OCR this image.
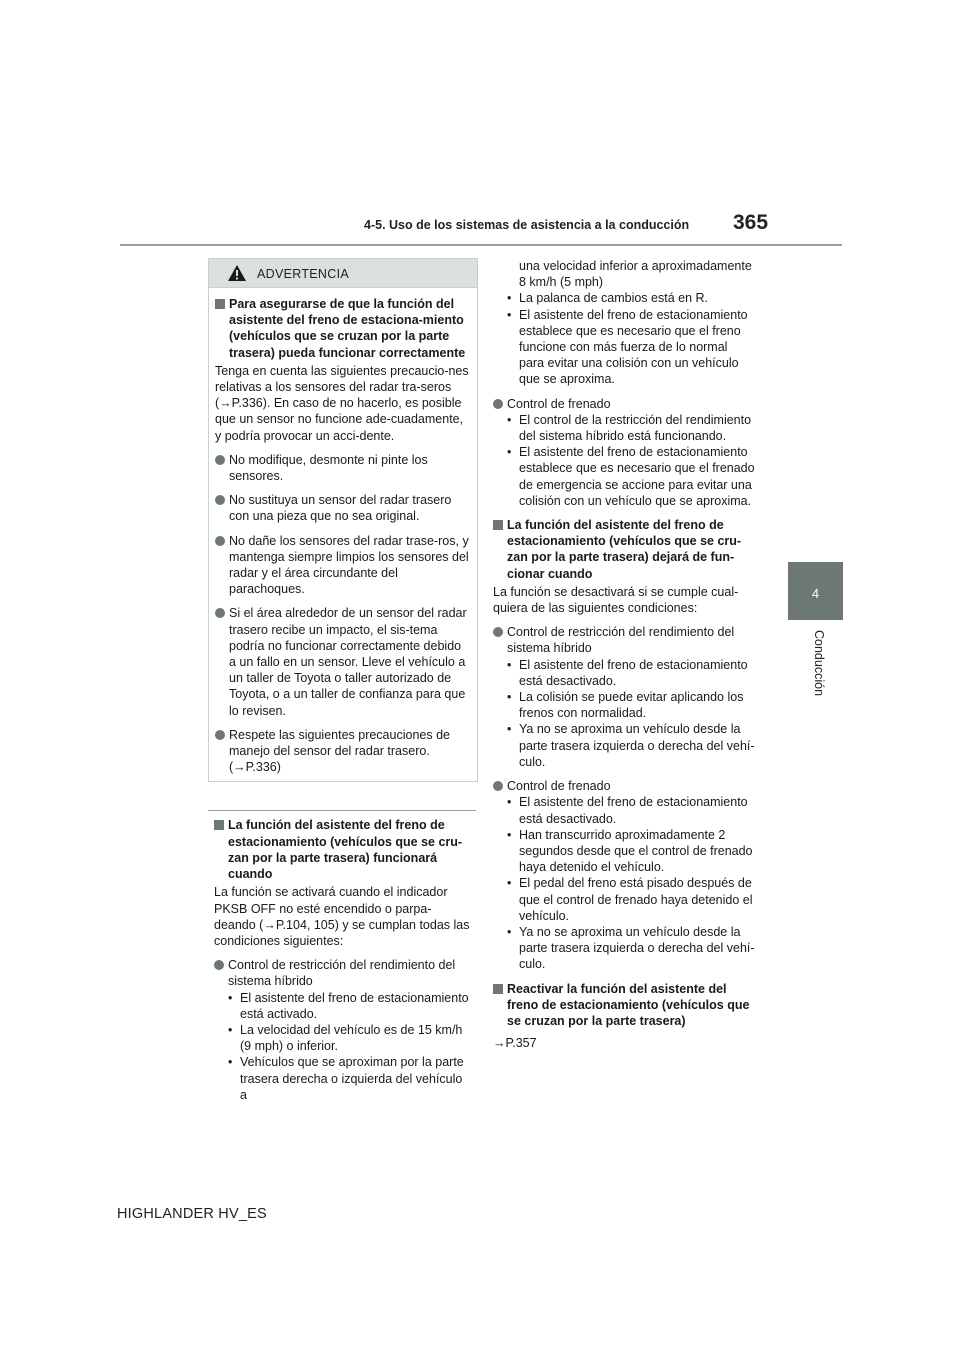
4-5. Uso de los sistemas de asistencia a la conducción 365
4
Conducción
ADVERTENCIA
Para asegurarse de que la función del asistente del freno de estaciona-miento (vehículos que se cruzan por la parte trasera) pueda funcionar correctamente

Tenga en cuenta las siguientes precaucio-nes relativas a los sensores del radar tra-seros (→P.336). En caso de no hacerlo, es posible que un sensor no funcione ade-cuadamente, y podría provocar un acci-dente.

No modifique, desmonte ni pinte los sensores.
No sustituya un sensor del radar trasero con una pieza que no sea original.
No dañe los sensores del radar trase-ros, y mantenga siempre limpios los sensores del radar y el área circundante del parachoques.
Si el área alrededor de un sensor del radar trasero recibe un impacto, el sis-tema podría no funcionar correctamente debido a un fallo en un sensor. Lleve el vehículo a un taller de Toyota o taller autorizado de Toyota, o a un taller de confianza para que lo revisen.
Respete las siguientes precauciones de manejo del sensor del radar trasero. (→P.336)
La función del asistente del freno de estacionamiento (vehículos que se cru-zan por la parte trasera) funcionará cuando

La función se activará cuando el indicador PKSB OFF no esté encendido o parpa-deando (→P.104, 105) y se cumplan todas las condiciones siguientes:

Control de restricción del rendimiento del sistema híbrido
• El asistente del freno de estacionamiento está activado.
• La velocidad del vehículo es de 15 km/h (9 mph) o inferior.
• Vehículos que se aproximan por la parte trasera derecha o izquierda del vehículo a
una velocidad inferior a aproximadamente 8 km/h (5 mph)
• La palanca de cambios está en R.
• El asistente del freno de estacionamiento establece que es necesario que el freno funcione con más fuerza de lo normal para evitar una colisión con un vehículo que se aproxima.
Control de frenado
• El control de la restricción del rendimiento del sistema híbrido está funcionando.
• El asistente del freno de estacionamiento establece que es necesario que el frenado de emergencia se accione para evitar una colisión con un vehículo que se aproxima.
La función del asistente del freno de estacionamiento (vehículos que se cru-zan por la parte trasera) dejará de fun-cionar cuando

La función se desactivará si se cumple cual-quiera de las siguientes condiciones:

Control de restricción del rendimiento del sistema híbrido
• El asistente del freno de estacionamiento está desactivado.
• La colisión se puede evitar aplicando los frenos con normalidad.
• Ya no se aproxima un vehículo desde la parte trasera izquierda o derecha del vehí-culo.
Control de frenado
• El asistente del freno de estacionamiento está desactivado.
• Han transcurrido aproximadamente 2 segundos desde que el control de frenado haya detenido el vehículo.
• El pedal del freno está pisado después de que el control de frenado haya detenido el vehículo.
• Ya no se aproxima un vehículo desde la parte trasera izquierda o derecha del vehí-culo.
Reactivar la función del asistente del freno de estacionamiento (vehículos que se cruzan por la parte trasera)

→P.357

HIGHLANDER HV_ES
